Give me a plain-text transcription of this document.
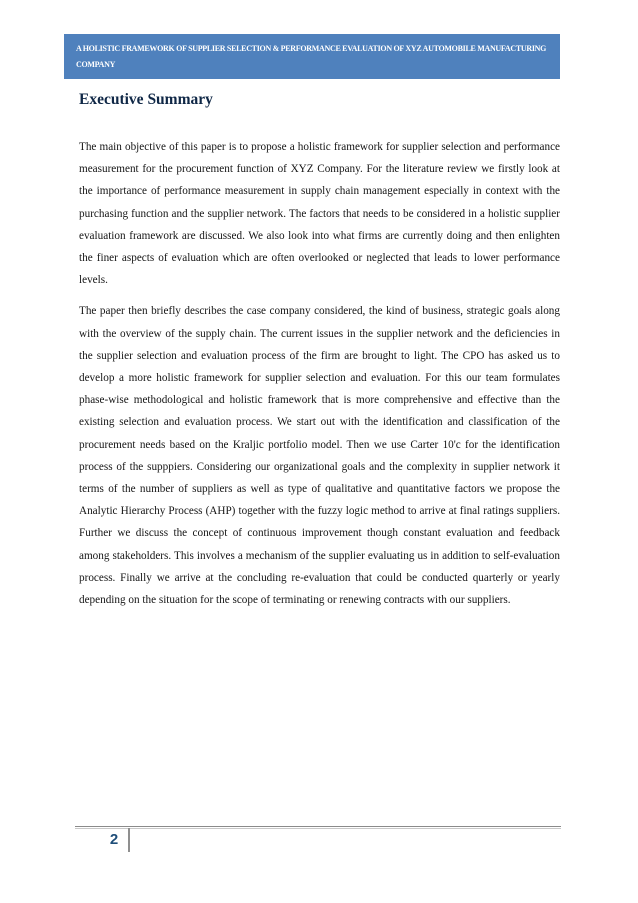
A HOLISTIC FRAMEWORK OF SUPPLIER SELECTION & PERFORMANCE EVALUATION OF XYZ AUTOMOBILE MANUFACTURING COMPANY

Executive Summary

The main objective of this paper is to propose a holistic framework for supplier selection and performance measurement for the procurement function of XYZ Company. For the literature review we firstly look at the importance of performance measurement in supply chain management especially in context with the purchasing function and the supplier network. The factors that needs to be considered in a holistic supplier evaluation framework are discussed. We also look into what firms are currently doing and then enlighten the finer aspects of evaluation which are often overlooked or neglected that leads to lower performance levels.

The paper then briefly describes the case company considered, the kind of business, strategic goals along with the overview of the supply chain. The current issues in the supplier network and the deficiencies in the supplier selection and evaluation process of the firm are brought to light. The CPO has asked us to develop a more holistic framework for supplier selection and evaluation. For this our team formulates phase-wise methodological and holistic framework that is more comprehensive and effective than the existing selection and evaluation process. We start out with the identification and classification of the procurement needs based on the Kraljic portfolio model. Then we use Carter 10'c for the identification process of the supppiers. Considering our organizational goals and the complexity in supplier network it terms of the number of suppliers as well as type of qualitative and quantitative factors we propose the Analytic Hierarchy Process (AHP) together with the fuzzy logic method to arrive at final ratings suppliers. Further we discuss the concept of continuous improvement though constant evaluation and feedback among stakeholders. This involves a mechanism of the supplier evaluating us in addition to self-evaluation process. Finally we arrive at the concluding re-evaluation that could be conducted quarterly or yearly depending on the situation for the scope of terminating or renewing contracts with our suppliers.

2
